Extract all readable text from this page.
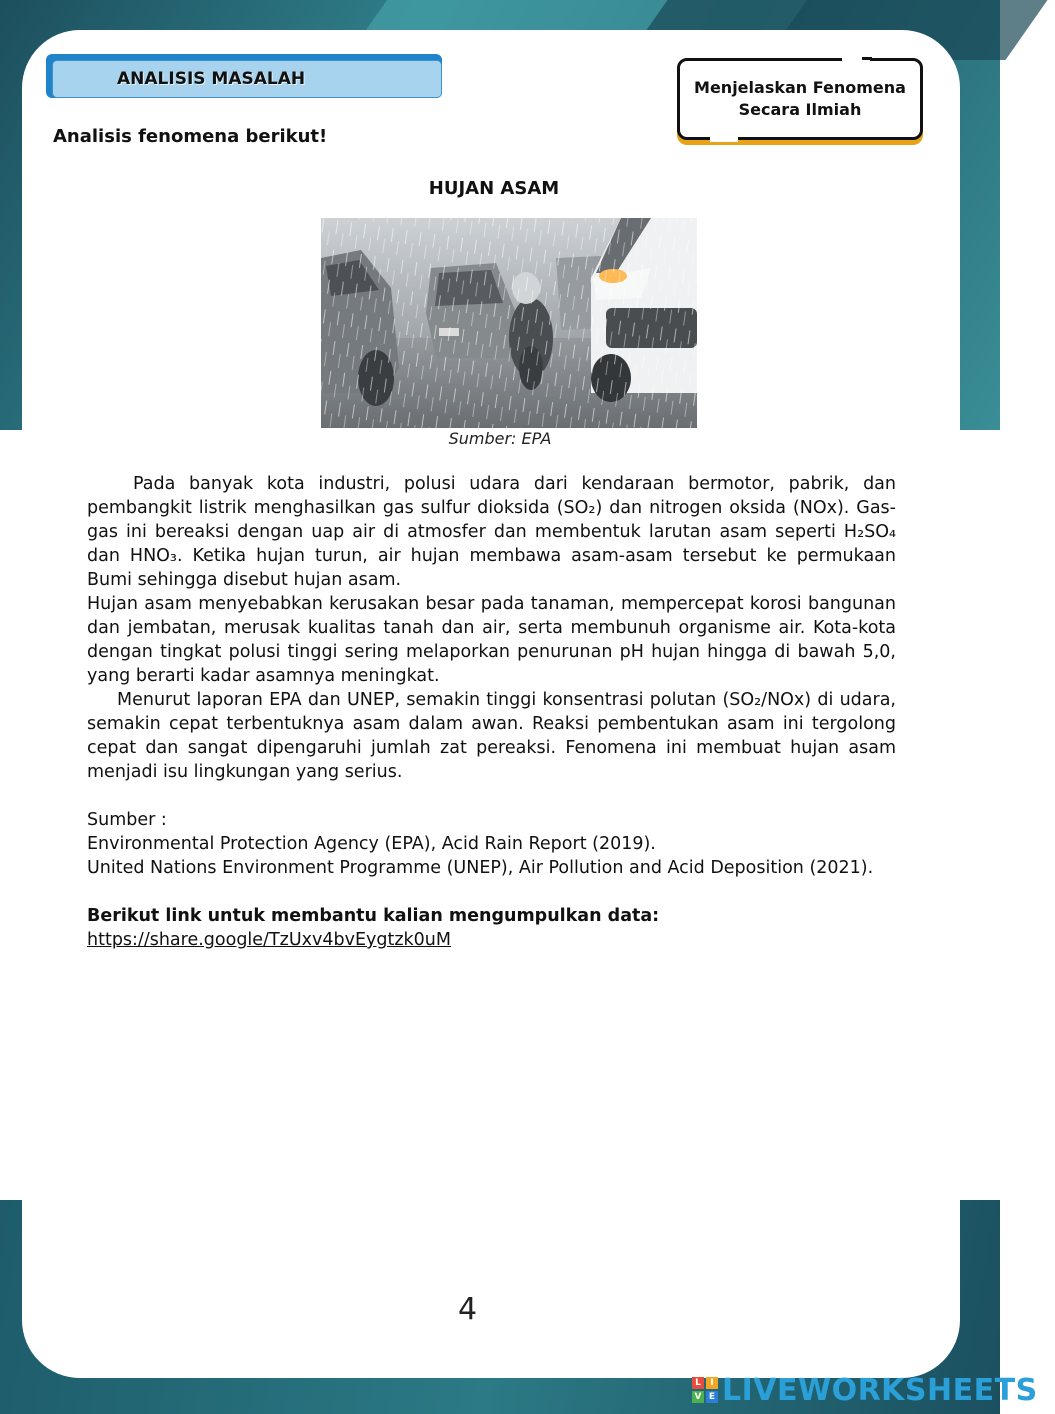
ANALISIS MASALAH	Menjelaskan Fenomena
Secara Ilmiah
Analisis fenomena berikut!
HUJAN ASAM
Sumber: EPA

Pada banyak kota industri, polusi udara dari kendaraan bermotor, pabrik, dan pembangkit listrik menghasilkan gas sulfur dioksida (SO₂) dan nitrogen oksida (NOx). Gas-gas ini bereaksi dengan uap air di atmosfer dan membentuk larutan asam seperti H₂SO₄ dan HNO₃. Ketika hujan turun, air hujan membawa asam-asam tersebut ke permukaan Bumi sehingga disebut hujan asam.

Hujan asam menyebabkan kerusakan besar pada tanaman, mempercepat korosi bangunan dan jembatan, merusak kualitas tanah dan air, serta membunuh organisme air. Kota-kota dengan tingkat polusi tinggi sering melaporkan penurunan pH hujan hingga di bawah 5,0, yang berarti kadar asamnya meningkat.

Menurut laporan EPA dan UNEP, semakin tinggi konsentrasi polutan (SO₂/NOx) di udara, semakin cepat terbentuknya asam dalam awan. Reaksi pembentukan asam ini tergolong cepat dan sangat dipengaruhi jumlah zat pereaksi. Fenomena ini membuat hujan asam menjadi isu lingkungan yang serius.

Sumber :

Environmental Protection Agency (EPA), Acid Rain Report (2019).

United Nations Environment Programme (UNEP), Air Pollution and Acid Deposition (2021).

Berikut link untuk membantu kalian mengumpulkan data:

https://share.google/TzUxv4bvEygtzk0uM

4
L	I
V E LIVEWORKSHEETS
